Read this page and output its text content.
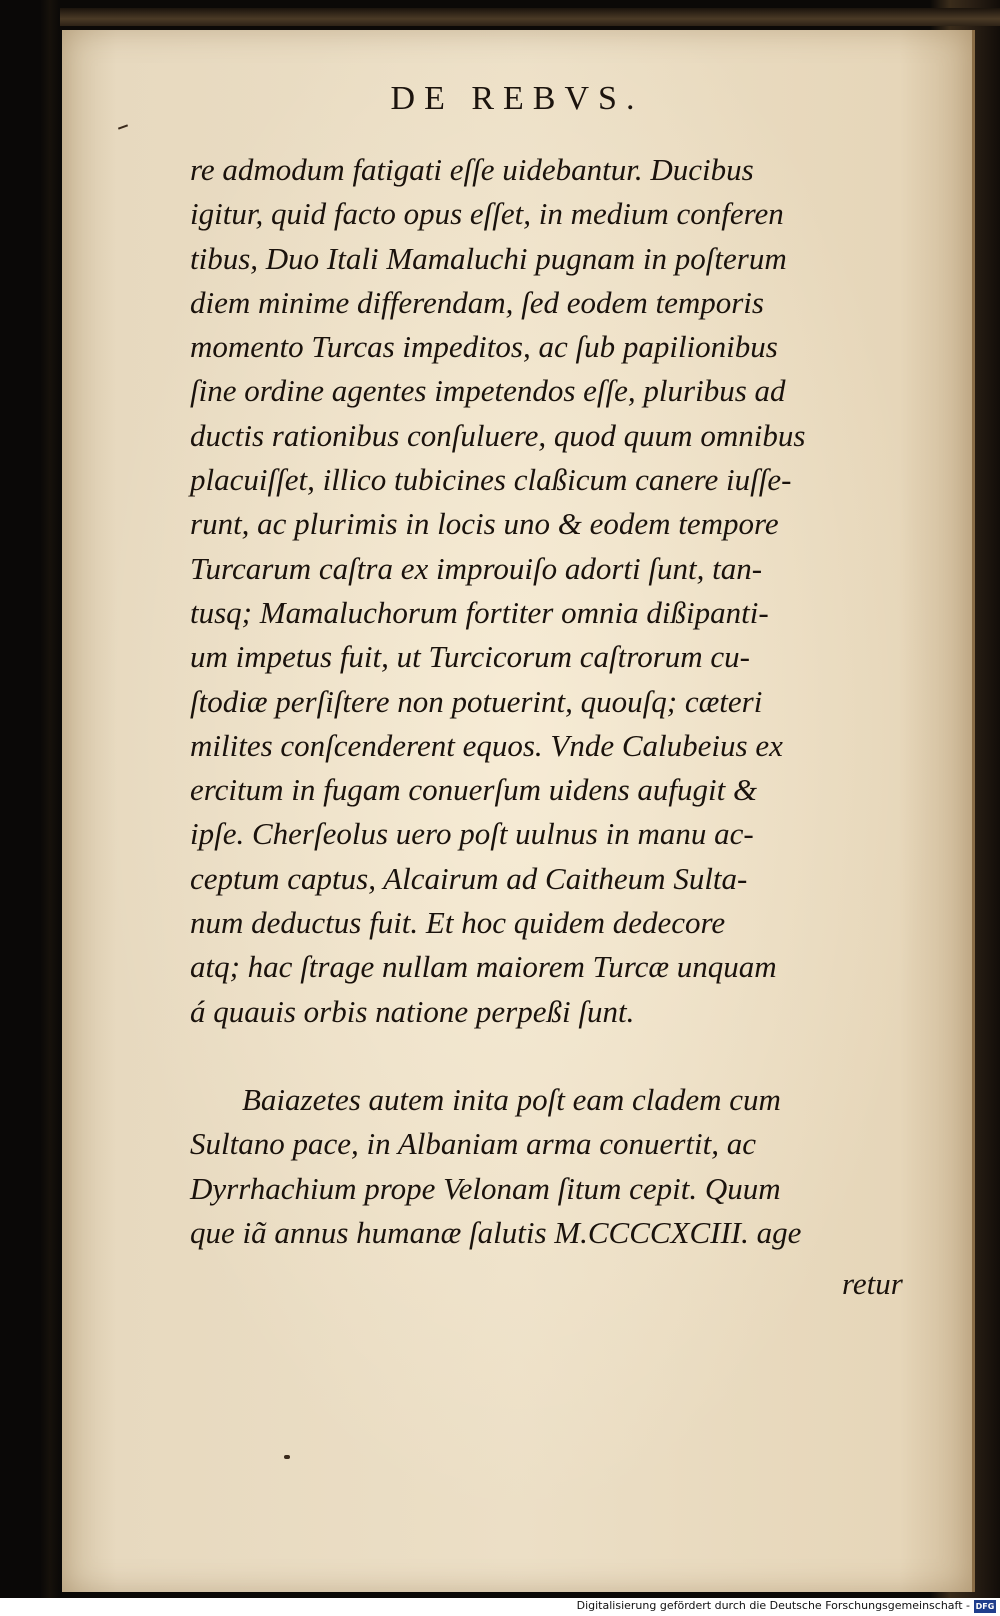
DE REBVS.
re admodum fatigati eſſe uidebantur. Ducibus
igitur, quid facto opus eſſet, in medium conferen
tibus, Duo Itali Mamaluchi pugnam in poſterum
diem minime differendam, ſed eodem temporis
momento Turcas impeditos, ac ſub papilionibus
ſine ordine agentes impetendos eſſe, pluribus ad
ductis rationibus conſuluere, quod quum omnibus
placuiſſet, illico tubicines claßicum canere iuſſe-
runt, ac plurimis in locis uno & eodem tempore
Turcarum caſtra ex improuiſo adorti ſunt, tan-
tusq; Mamaluchorum fortiter omnia dißipanti-
um impetus fuit, ut Turcicorum caſtrorum cu-
ſtodiæ perſiſtere non potuerint, quouſq; cæteri
milites conſcenderent equos. Vnde Calubeius ex
ercitum in fugam conuerſum uidens aufugit &
ipſe. Cherſeolus uero poſt uulnus in manu ac-
ceptum captus, Alcairum ad Caitheum Sulta-
num deductus fuit. Et hoc quidem dedecore
atq; hac ſtrage nullam maiorem Turcæ unquam
á quauis orbis natione perpeßi ſunt.
Baiazetes autem inita poſt eam cladem cum
Sultano pace, in Albaniam arma conuertit, ac
Dyrrhachium prope Velonam ſitum cepit. Quum
que iã annus humanæ ſalutis M.CCCCXCIII. age
retur
Digitalisierung gefördert durch die Deutsche Forschungsgemeinschaft - DFG
